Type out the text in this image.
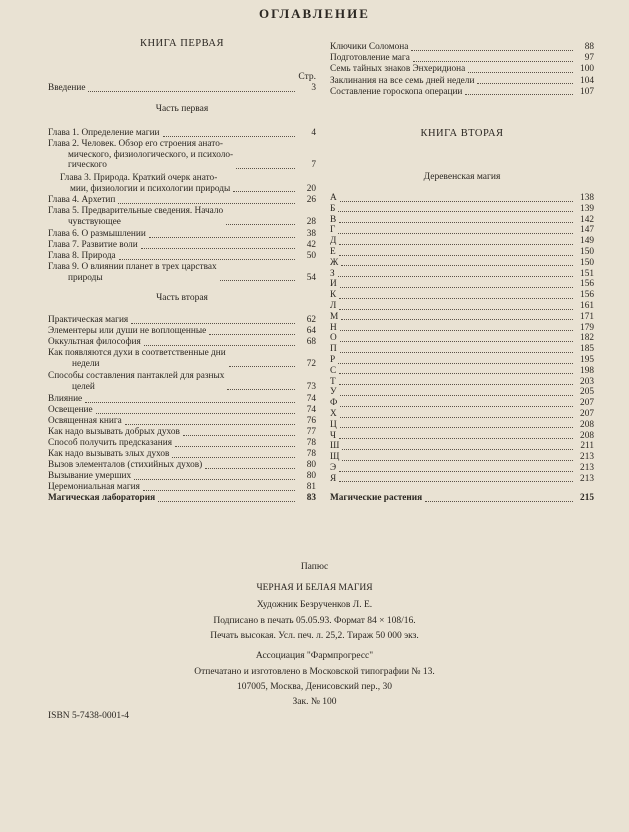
ОГЛАВЛЕНИЕ
КНИГА ПЕРВАЯ
Стр.
Введение	3
Часть первая
Глава 1. Определение магии	4
Глава 2. Человек. Обзор его строения анато-
мического, физиологического, и психоло-
гического	7
Глава 3. Природа. Краткий очерк анато-
мии, физиологии и психологии природы	20
Глава 4. Архетип	26
Глава 5. Предварительные сведения. Начало
чувствующее	28
Глава 6. О размышлении	38
Глава 7. Развитие воли	42
Глава 8. Природа	50
Глава 9. О влиянии планет в трех царствах
природы	54
Часть вторая
Практическая магия	62
Элементеры или души не воплощенные	64
Оккультная философия	68
Как появляются духи в соответственные дни
недели	72
Способы составления пантаклей для разных
целей	73
Влияние	74
Освещение	74
Освященная книга	76
Как надо вызывать добрых духов	77
Способ получить предсказания	78
Как надо вызывать злых духов	78
Вызов элементалов (стихийных духов)	80
Вызывание умерших	80
Церемониальная магия	81
Магическая лаборатория	83
Ключики Соломона	88
Подготовление мага	97
Семь тайных знаков Энхеридиона	100
Заклинания на все семь дней недели	104
Составление гороскопа операции	107
КНИГА ВТОРАЯ
Деревенская магия
А	138
Б	139
В	142
Г	147
Д	149
Е	150
Ж	150
З	151
И	156
К	156
Л	161
М	171
Н	179
О	182
П	185
Р	195
С	198
Т	203
У	205
Ф	207
Х	207
Ц	208
Ч	208
Ш	211
Щ	213
Э	213
Я	213
Магические растения	215
Папюс
ЧЕРНАЯ И БЕЛАЯ МАГИЯ
Художник Безрученков Л. Е.
Подписано в печать 05.05.93. Формат 84 × 108/16.
Печать высокая. Усл. печ. л. 25,2. Тираж 50 000 экз.
Ассоциация "Фармпрогресс"
Отпечатано и изготовлено в Московской типографии № 13.
107005, Москва, Денисовский пер., 30
Зак. № 100
ISBN 5-7438-0001-4
